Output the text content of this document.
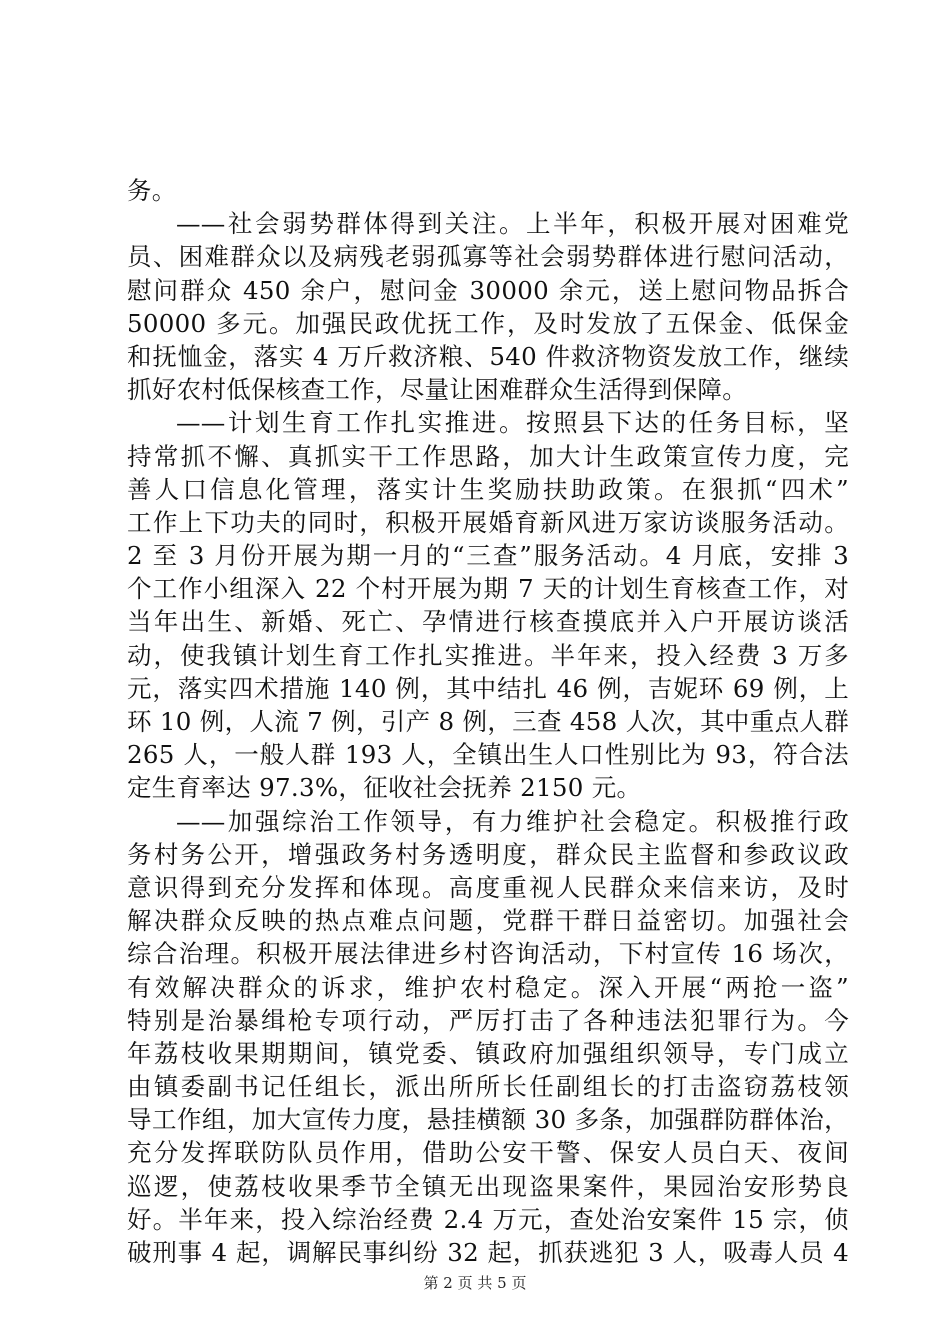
务。
——社会弱势群体得到关注。上半年，积极开展对困难党
员、困难群众以及病残老弱孤寡等社会弱势群体进行慰问活动，
慰问群众 450 余户，慰问金 30000 余元，送上慰问物品拆合
50000 多元。加强民政优抚工作，及时发放了五保金、低保金
和抚恤金，落实 4 万斤救济粮、540 件救济物资发放工作，继续
抓好农村低保核查工作，尽量让困难群众生活得到保障。
——计划生育工作扎实推进。按照县下达的任务目标，坚
持常抓不懈、真抓实干工作思路，加大计生政策宣传力度，完
善人口信息化管理，落实计生奖励扶助政策。在狠抓“四术”
工作上下功夫的同时，积极开展婚育新风进万家访谈服务活动。
2 至 3 月份开展为期一月的“三查”服务活动。4 月底，安排 3
个工作小组深入 22 个村开展为期 7 天的计划生育核查工作，对
当年出生、新婚、死亡、孕情进行核查摸底并入户开展访谈活
动，使我镇计划生育工作扎实推进。半年来，投入经费 3 万多
元，落实四术措施 140 例，其中结扎 46 例，吉妮环 69 例，上
环 10 例，人流 7 例，引产 8 例，三查 458 人次，其中重点人群
265 人，一般人群 193 人，全镇出生人口性别比为 93，符合法
定生育率达 97.3%，征收社会抚养 2150 元。
——加强综治工作领导，有力维护社会稳定。积极推行政
务村务公开，增强政务村务透明度，群众民主监督和参政议政
意识得到充分发挥和体现。高度重视人民群众来信来访，及时
解决群众反映的热点难点问题，党群干群日益密切。加强社会
综合治理。积极开展法律进乡村咨询活动，下村宣传 16 场次，
有效解决群众的诉求，维护农村稳定。深入开展“两抢一盗”
特别是治暴缉枪专项行动，严厉打击了各种违法犯罪行为。今
年荔枝收果期期间，镇党委、镇政府加强组织领导，专门成立
由镇委副书记任组长，派出所所长任副组长的打击盗窃荔枝领
导工作组，加大宣传力度，悬挂横额 30 多条，加强群防群体治，
充分发挥联防队员作用，借助公安干警、保安人员白天、夜间
巡逻，使荔枝收果季节全镇无出现盗果案件，果园治安形势良
好。半年来，投入综治经费 2.4 万元，查处治安案件 15 宗，侦
破刑事 4 起，调解民事纠纷 32 起，抓获逃犯 3 人，吸毒人员 4
第 2 页 共 5 页
